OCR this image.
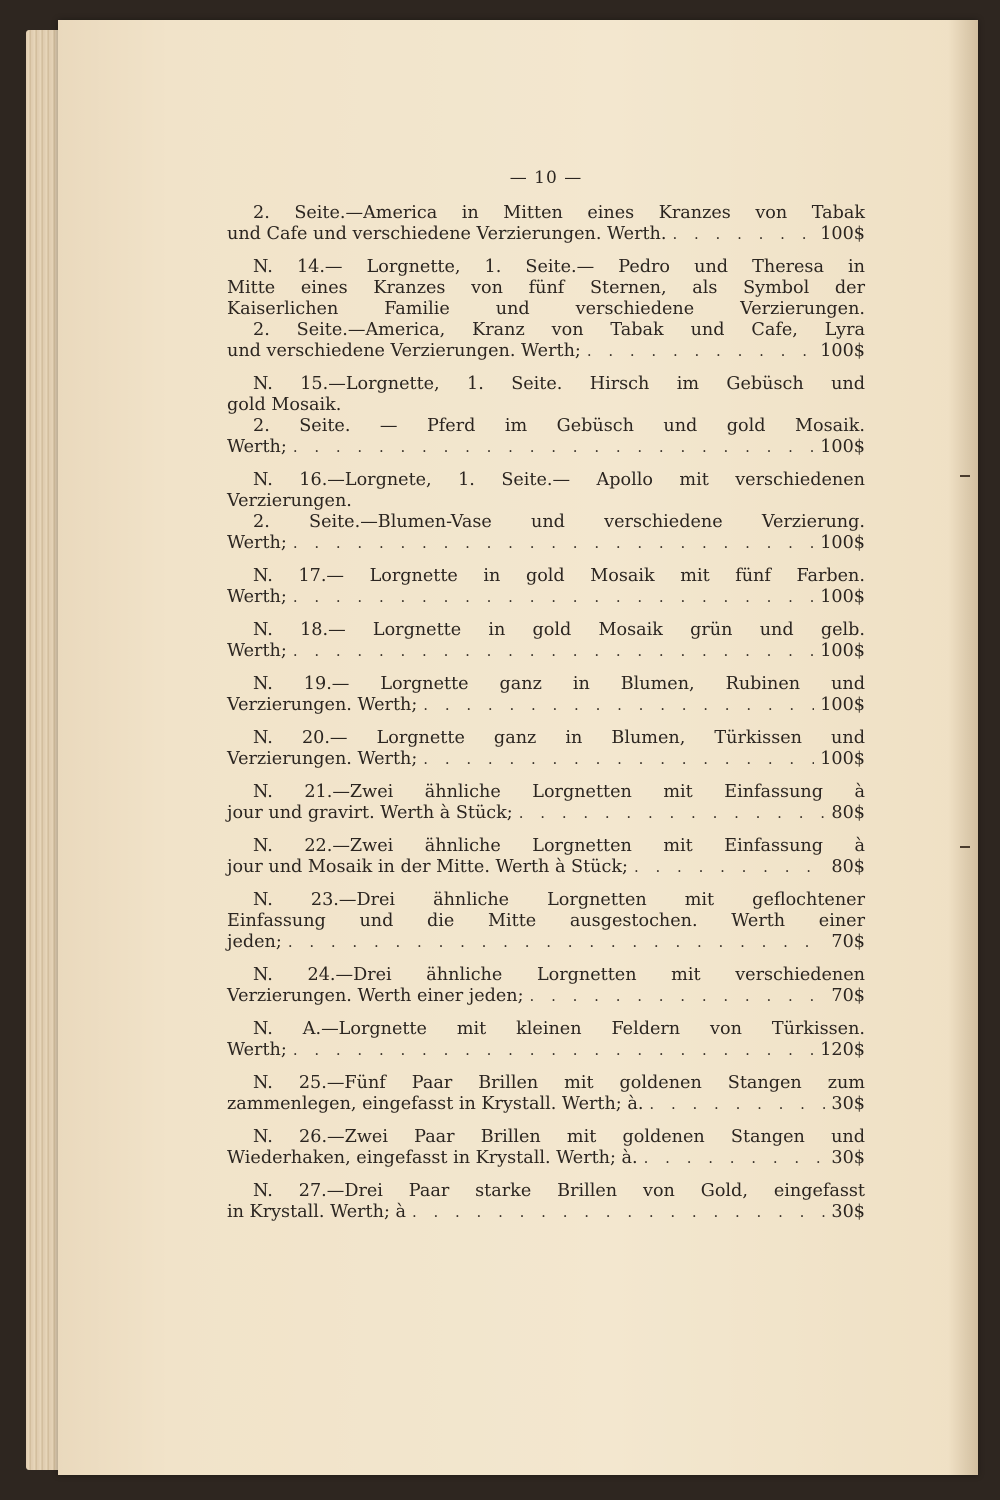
— 10 —
2. Seite.—America in Mitten eines Kranzes von Tabak
und Cafe und verschiedene Verzierungen. Werth. . . .	100$
N. 14.— Lorgnette, 1. Seite.— Pedro und Theresa in
Mitte eines Kranzes von fünf Sternen, als Symbol der
Kaiserlichen Familie und verschiedene Verzierungen.
2. Seite.—America, Kranz von Tabak und Cafe, Lyra
und verschiedene Verzierungen. Werth; . . .	100$
N. 15.—Lorgnette, 1. Seite. Hirsch im Gebüsch und
gold Mosaik.
2. Seite. — Pferd im Gebüsch und gold Mosaik.
Werth; . . .	100$
N. 16.—Lorgnete, 1. Seite.— Apollo mit verschiedenen
Verzierungen.
2. Seite.—Blumen-Vase und verschiedene Verzierung.
Werth; . . .	100$
N. 17.— Lorgnette in gold Mosaik mit fünf Farben.
Werth; . . .	100$
N. 18.— Lorgnette in gold Mosaik grün und gelb.
Werth; . . .	100$
N. 19.— Lorgnette ganz in Blumen, Rubinen und
Verzierungen. Werth; . . .	100$
N. 20.— Lorgnette ganz in Blumen, Türkissen und
Verzierungen. Werth; . . .	100$
N. 21.—Zwei ähnliche Lorgnetten mit Einfassung à
jour und gravirt. Werth à Stück; . . .	80$
N. 22.—Zwei ähnliche Lorgnetten mit Einfassung à
jour und Mosaik in der Mitte. Werth à Stück; . . .	80$
N. 23.—Drei ähnliche Lorgnetten mit geflochtener
Einfassung und die Mitte ausgestochen. Werth einer
jeden; . . .	70$
N. 24.—Drei ähnliche Lorgnetten mit verschiedenen
Verzierungen. Werth einer jeden; . . .	70$
N. A.—Lorgnette mit kleinen Feldern von Türkissen.
Werth; . . .	120$
N. 25.—Fünf Paar Brillen mit goldenen Stangen zum
zammenlegen, eingefasst in Krystall. Werth; à. . . .	30$
N. 26.—Zwei Paar Brillen mit goldenen Stangen und
Wiederhaken, eingefasst in Krystall. Werth; à. . . .	30$
N. 27.—Drei Paar starke Brillen von Gold, eingefasst
in Krystall. Werth; à . . .	30$
